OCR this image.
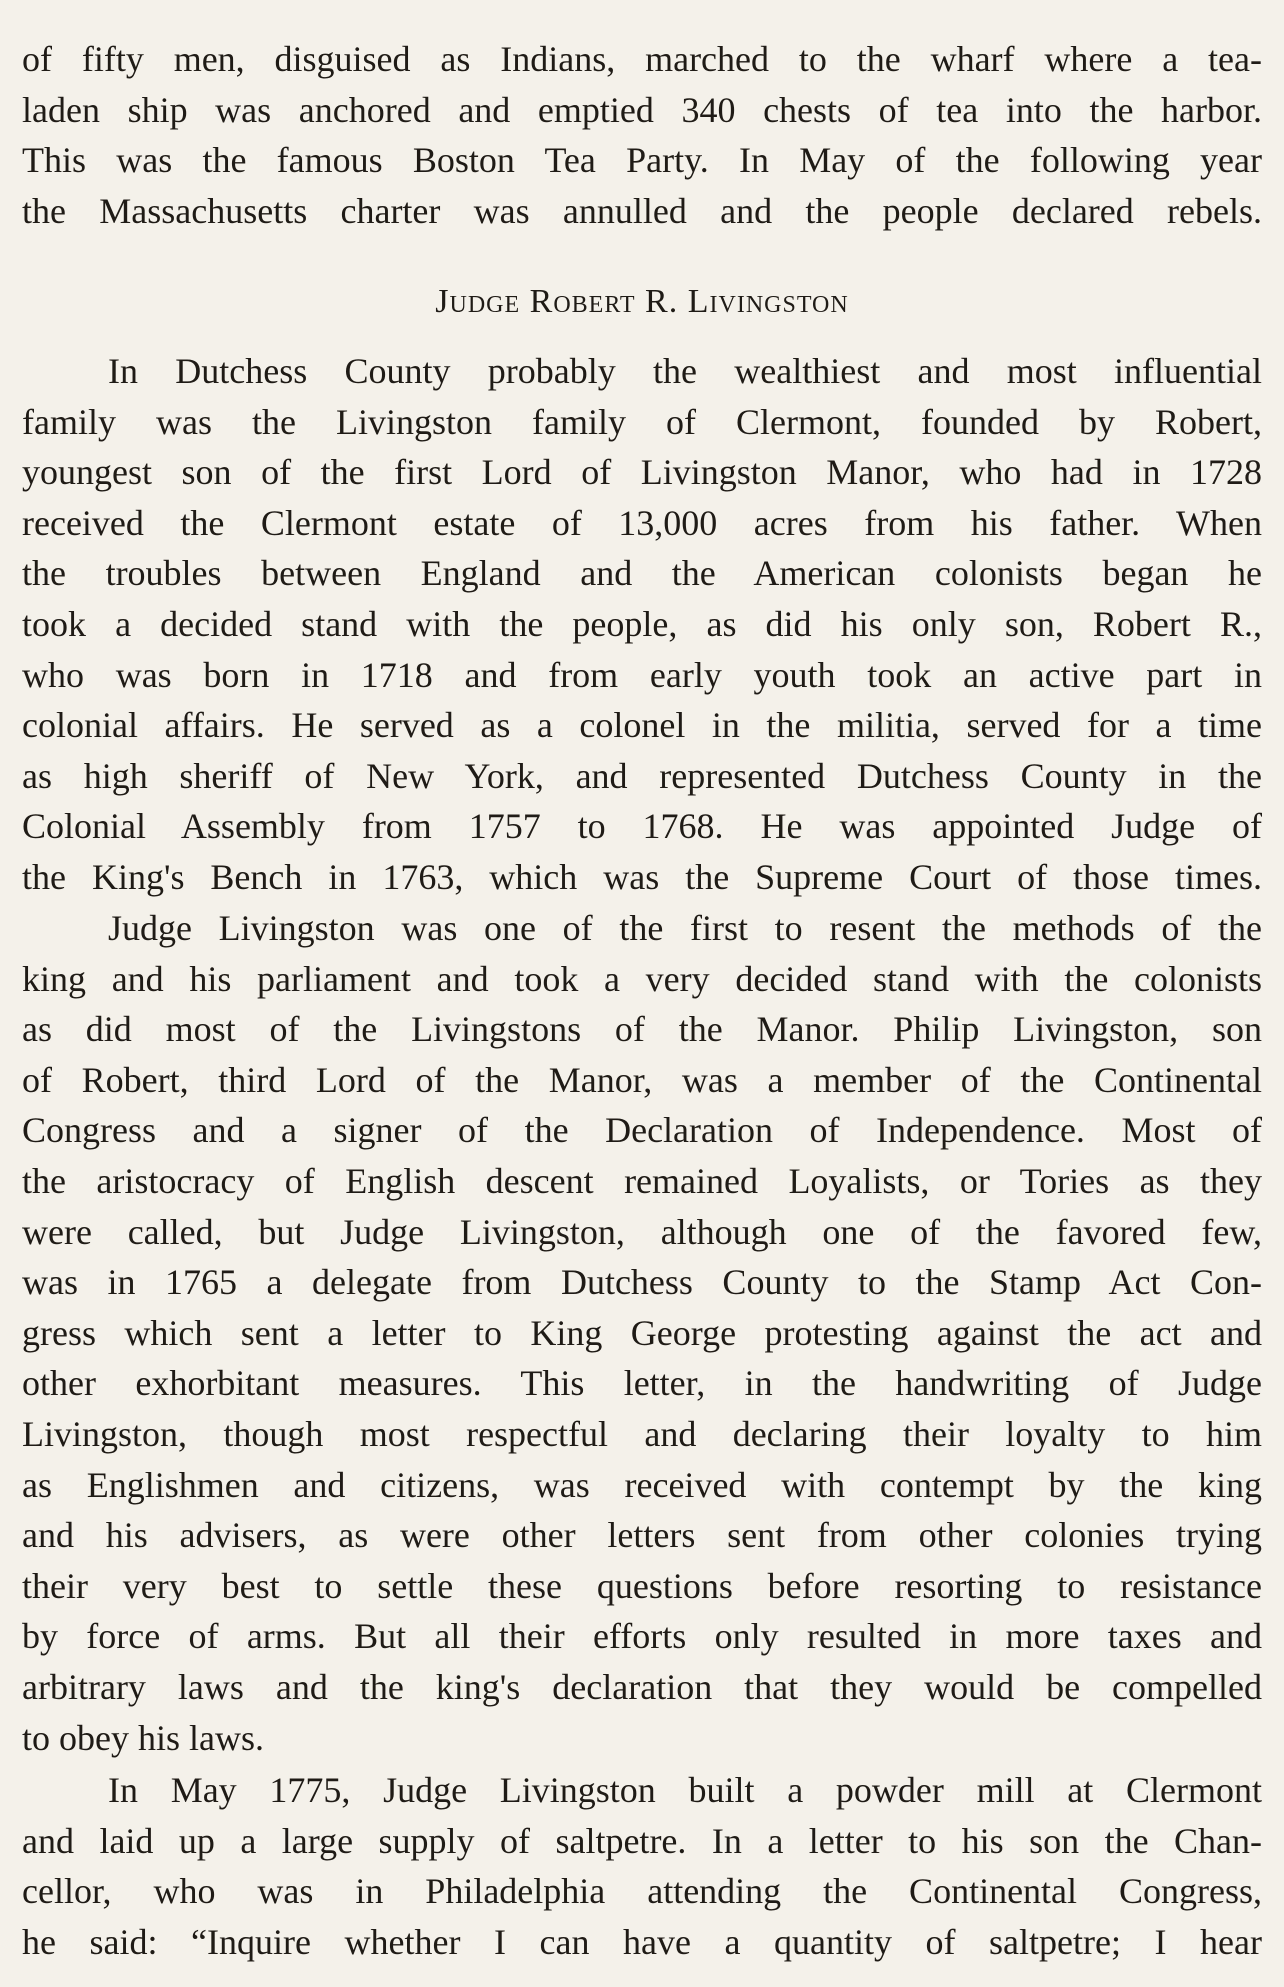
of fifty men, disguised as Indians, marched to the wharf where a tea-
laden ship was anchored and emptied 340 chests of tea into the harbor.
This was the famous Boston Tea Party. In May of the following year
the Massachusetts charter was annulled and the people declared rebels.
Judge Robert R. Livingston
In Dutchess County probably the wealthiest and most influential
family was the Livingston family of Clermont, founded by Robert,
youngest son of the first Lord of Livingston Manor, who had in 1728
received the Clermont estate of 13,000 acres from his father. When
the troubles between England and the American colonists began he
took a decided stand with the people, as did his only son, Robert R.,
who was born in 1718 and from early youth took an active part in
colonial affairs. He served as a colonel in the militia, served for a time
as high sheriff of New York, and represented Dutchess County in the
Colonial Assembly from 1757 to 1768. He was appointed Judge of
the King's Bench in 1763, which was the Supreme Court of those times.
Judge Livingston was one of the first to resent the methods of the
king and his parliament and took a very decided stand with the colonists
as did most of the Livingstons of the Manor. Philip Livingston, son
of Robert, third Lord of the Manor, was a member of the Continental
Congress and a signer of the Declaration of Independence. Most of
the aristocracy of English descent remained Loyalists, or Tories as they
were called, but Judge Livingston, although one of the favored few,
was in 1765 a delegate from Dutchess County to the Stamp Act Con-
gress which sent a letter to King George protesting against the act and
other exhorbitant measures. This letter, in the handwriting of Judge
Livingston, though most respectful and declaring their loyalty to him
as Englishmen and citizens, was received with contempt by the king
and his advisers, as were other letters sent from other colonies trying
their very best to settle these questions before resorting to resistance
by force of arms. But all their efforts only resulted in more taxes and
arbitrary laws and the king's declaration that they would be compelled
to obey his laws.
In May 1775, Judge Livingston built a powder mill at Clermont
and laid up a large supply of saltpetre. In a letter to his son the Chan-
cellor, who was in Philadelphia attending the Continental Congress,
he said: “Inquire whether I can have a quantity of saltpetre; I hear
